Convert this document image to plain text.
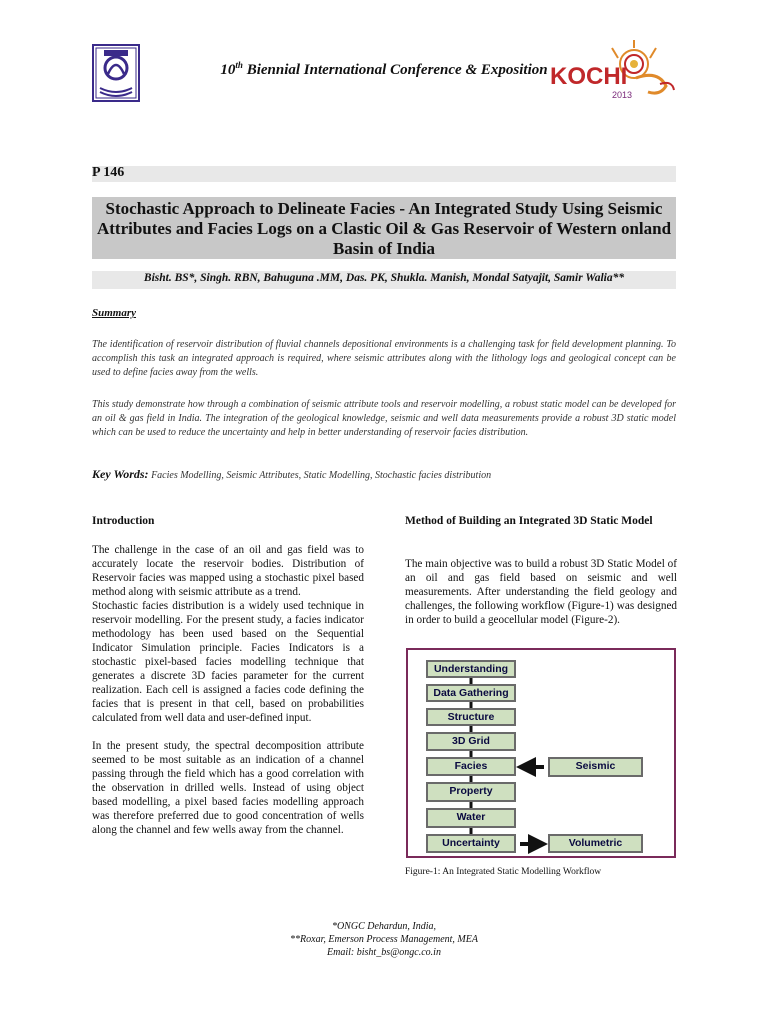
10th Biennial International Conference & Exposition KOCHI
2013
P 146
Stochastic Approach to Delineate Facies - An Integrated Study Using Seismic Attributes and Facies Logs on a Clastic Oil & Gas Reservoir of Western onland Basin of India
Bisht. BS*, Singh. RBN, Bahuguna .MM, Das. PK, Shukla. Manish, Mondal Satyajit, Samir Walia**
Summary
The identification of reservoir distribution of fluvial channels depositional environments is a challenging task for field development planning. To accomplish this task an integrated approach is required, where seismic attributes along with the lithology logs and geological concept can be used to define facies away from the wells.
This study demonstrate how through a combination of seismic attribute tools and reservoir modelling, a robust static model can be developed for an oil & gas field in India. The integration of the geological knowledge, seismic and well data measurements provide a robust 3D static model which can be used to reduce the uncertainty and help in better understanding of reservoir facies distribution.
Key Words: Facies Modelling, Seismic Attributes, Static Modelling, Stochastic facies distribution
Introduction

The challenge in the case of an oil and gas field was to accurately locate the reservoir bodies. Distribution of Reservoir facies was mapped using a stochastic pixel based method along with seismic attribute as a trend.

Stochastic facies distribution is a widely used technique in reservoir modelling. For the present study, a facies indicator methodology has been used based on the Sequential Indicator Simulation principle. Facies Indicators is a stochastic pixel-based facies modelling technique that generates a discrete 3D facies parameter for the current realization. Each cell is assigned a facies code defining the facies that is present in that cell, based on probabilities calculated from well data and user-defined input.

In the present study, the spectral decomposition attribute seemed to be most suitable as an indication of a channel passing through the field which has a good correlation with the observation in drilled wells. Instead of using object based modelling, a pixel based facies modelling approach was therefore preferred due to good concentration of wells along the channel and few wells away from the channel.

Method of Building an Integrated 3D Static Model
The main objective was to build a robust 3D Static Model of an oil and gas field based on seismic and well measurements. After understanding the field geology and challenges, the following workflow (Figure-1) was designed in order to build a geocellular model (Figure-2).
Understanding
Data Gathering
Structure
3D Grid
Facies
Property
Water
Uncertainty
Seismic
Volumetric
Figure-1: An Integrated Static Modelling Workflow
*ONGC Dehardun, India,
**Roxar, Emerson Process Management, MEA
Email: bisht_bs@ongc.co.in
